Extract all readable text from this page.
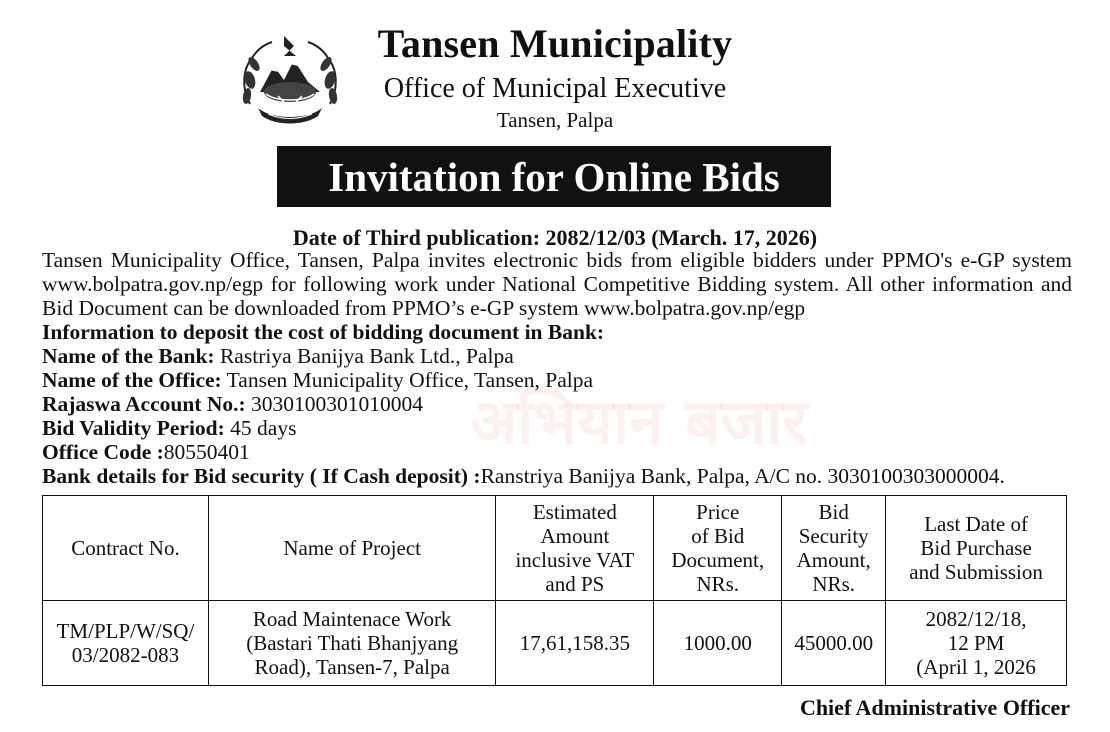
Tansen Municipality
Office of Municipal Executive
Tansen, Palpa
Invitation for Online Bids
Date of Third publication: 2082/12/03 (March. 17, 2026)
Tansen Municipality Office, Tansen, Palpa invites electronic bids from eligible bidders under PPMO's e-GP system www.bolpatra.gov.np/egp for following work under National Competitive Bidding system. All other information and Bid Document can be downloaded from PPMO’s e-GP system www.bolpatra.gov.np/egp
Information to deposit the cost of bidding document in Bank:
Name of the Bank: Rastriya Banijya Bank Ltd., Palpa
Name of the Office: Tansen Municipality Office, Tansen, Palpa
Rajaswa Account No.: 3030100301010004
Bid Validity Period: 45 days
Office Code :80550401
Bank details for Bid security ( If Cash deposit) :Ranstriya Banijya Bank, Palpa, A/C no. 3030100303000004.
अभियान बजार
Contract No.	Name of Project	Estimated
Amount
inclusive VAT
and PS	Price
of Bid
Document,
NRs.	Bid
Security
Amount,
NRs.	Last Date of
Bid Purchase
and Submission
TM/PLP/W/SQ/
03/2082-083	Road Maintenace Work
(Bastari Thati Bhanjyang
Road), Tansen-7, Palpa	17,61,158.35	1000.00	45000.00	2082/12/18,
12 PM
(April 1, 2026
Chief Administrative Officer
